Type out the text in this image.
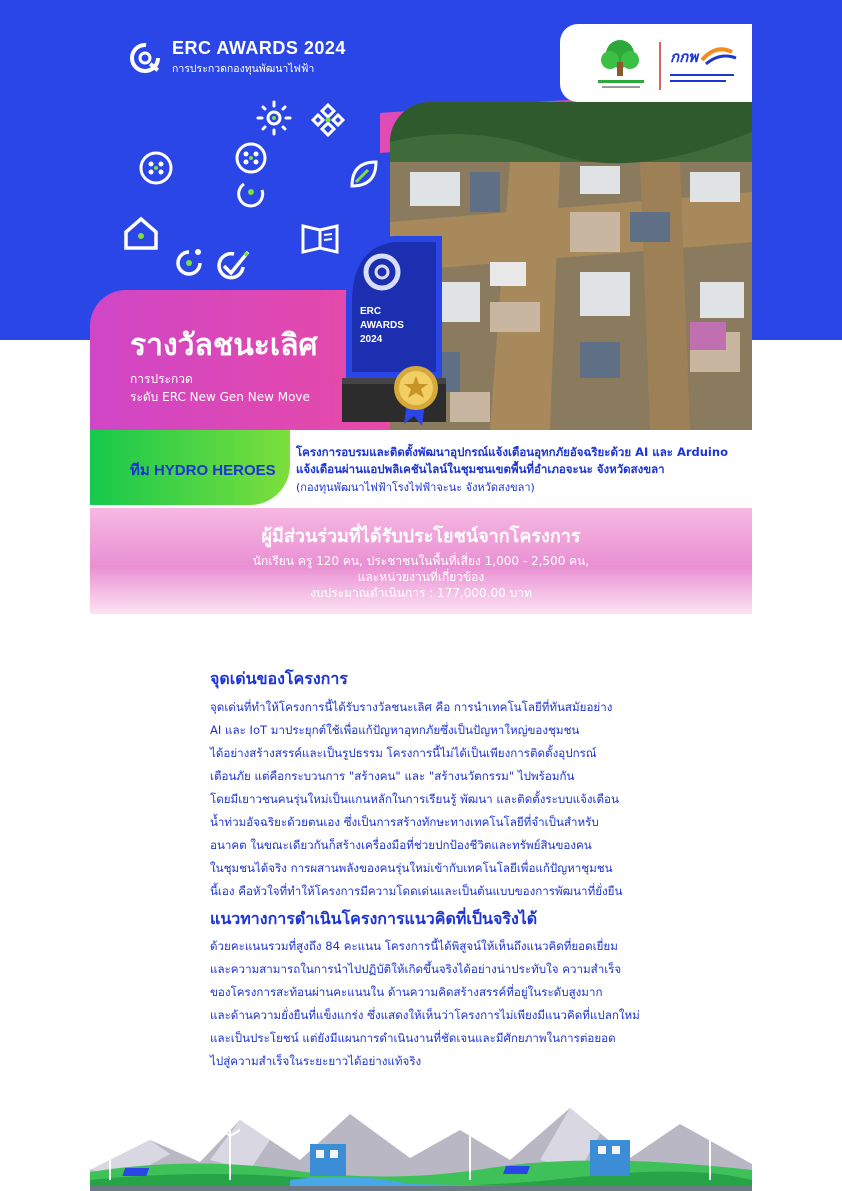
กกพ
ERC AWARDS 2024
การประกวดกองทุนพัฒนาไฟฟ้า
รางวัลชนะเลิศ
การประกวด
ระดับ ERC New Gen New Move
ERC
AWARDS
2024
ทีม HYDRO HEROES
โครงการอบรมและติดตั้งพัฒนาอุปกรณ์แจ้งเตือนอุทกภัยอัจฉริยะด้วย AI และ Arduino
แจ้งเตือนผ่านแอปพลิเคชันไลน์ในชุมชนเขตพื้นที่อำเภอจะนะ จังหวัดสงขลา
(กองทุนพัฒนาไฟฟ้าโรงไฟฟ้าจะนะ จังหวัดสงขลา)
ผู้มีส่วนร่วมที่ได้รับประโยชน์จากโครงการ
นักเรียน ครู 120 คน, ประชาชนในพื้นที่เสี่ยง 1,000 - 2,500 คน,
และหน่วยงานที่เกี่ยวข้อง
งบประมาณดำเนินการ : 177,000.00 บาท
จุดเด่นของโครงการ
จุดเด่นที่ทำให้โครงการนี้ได้รับรางวัลชนะเลิศ คือ การนำเทคโนโลยีที่ทันสมัยอย่าง
AI และ IoT มาประยุกต์ใช้เพื่อแก้ปัญหาอุทกภัยซึ่งเป็นปัญหาใหญ่ของชุมชน
ได้อย่างสร้างสรรค์และเป็นรูปธรรม โครงการนี้ไม่ได้เป็นเพียงการติดตั้งอุปกรณ์
เตือนภัย แต่คือกระบวนการ "สร้างคน" และ "สร้างนวัตกรรม" ไปพร้อมกัน
โดยมีเยาวชนคนรุ่นใหม่เป็นแกนหลักในการเรียนรู้ พัฒนา และติดตั้งระบบแจ้งเตือน
น้ำท่วมอัจฉริยะด้วยตนเอง ซึ่งเป็นการสร้างทักษะทางเทคโนโลยีที่จำเป็นสำหรับ
อนาคต ในขณะเดียวกันก็สร้างเครื่องมือที่ช่วยปกป้องชีวิตและทรัพย์สินของคน
ในชุมชนได้จริง การผสานพลังของคนรุ่นใหม่เข้ากับเทคโนโลยีเพื่อแก้ปัญหาชุมชน
นี้เอง คือหัวใจที่ทำให้โครงการมีความโดดเด่นและเป็นต้นแบบของการพัฒนาที่ยั่งยืน
แนวทางการดำเนินโครงการแนวคิดที่เป็นจริงได้
ด้วยคะแนนรวมที่สูงถึง 84 คะแนน โครงการนี้ได้พิสูจน์ให้เห็นถึงแนวคิดที่ยอดเยี่ยม
และความสามารถในการนำไปปฏิบัติให้เกิดขึ้นจริงได้อย่างน่าประทับใจ ความสำเร็จ
ของโครงการสะท้อนผ่านคะแนนใน ด้านความคิดสร้างสรรค์ที่อยู่ในระดับสูงมาก
และด้านความยั่งยืนที่แข็งแกร่ง ซึ่งแสดงให้เห็นว่าโครงการไม่เพียงมีแนวคิดที่แปลกใหม่
และเป็นประโยชน์ แต่ยังมีแผนการดำเนินงานที่ชัดเจนและมีศักยภาพในการต่อยอด
ไปสู่ความสำเร็จในระยะยาวได้อย่างแท้จริง
